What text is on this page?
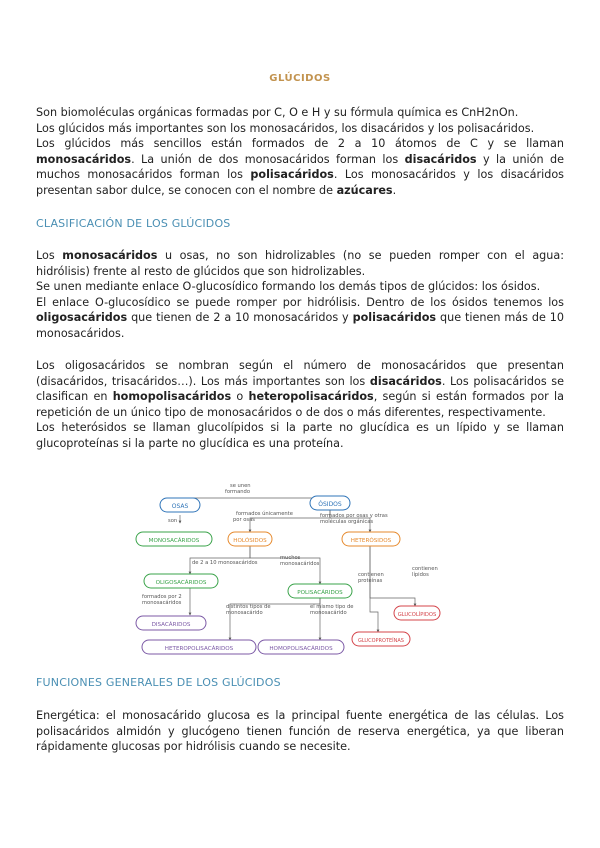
GLÚCIDOS

Son biomoléculas orgánicas formadas por C, O e H y su fórmula química es CnH2nOn.

Los glúcidos más importantes son los monosacáridos, los disacáridos y los polisacáridos.

Los glúcidos más sencillos están formados de 2 a 10 átomos de C y se llaman monosacáridos. La unión de dos monosacáridos forman los disacáridos y la unión de muchos monosacáridos forman los polisacáridos. Los monosacáridos y los disacáridos presentan sabor dulce, se conocen con el nombre de azúcares.

CLASIFICACIÓN DE LOS GLÚCIDOS

Los monosacáridos u osas, no son hidrolizables (no se pueden romper con el agua: hidrólisis) frente al resto de glúcidos que son hidrolizables.

Se unen mediante enlace O-glucosídico formando los demás tipos de glúcidos: los ósidos.

El enlace O-glucosídico se puede romper por hidrólisis. Dentro de los ósidos tenemos los oligosacáridos que tienen de 2 a 10 monosacáridos y polisacáridos que tienen más de 10 monosacáridos.

Los oligosacáridos se nombran según el número de monosacáridos que presentan (disacáridos, trisacáridos…). Los más importantes son los disacáridos. Los polisacáridos se clasifican en homopolisacáridos o heteropolisacáridos, según si están formados por la repetición de un único tipo de monosacáridos o de dos o más diferentes, respectivamente.

Los heterósidos se llaman glucolípidos si la parte no glucídica es un lípido y se llaman glucoproteínas si la parte no glucídica es una proteína.

OSAS	ÓSIDOS
MONOSACÁRIDOS	HOLÓSIDOS	HETERÓSIDOS
OLIGOSACÁRIDOS
POLISACÁRIDOS
DISACÁRIDOS
HETEROPOLISACÁRIDOS	HOMOPOLISACÁRIDOS
GLUCOLÍPIDOS
GLUCOPROTEÍNAS
se unen
formando
son
formados únicamente
por osas
formados por osas y otras
moléculas orgánicas
de 2 a 10 monosacáridos
muchos
monosacáridos
contienen
proteínas
contienen
lípidos
formados por 2
monosacáridos
distintos tipos de
monosacárido
el mismo tipo de
monosacárido
FUNCIONES GENERALES DE LOS GLÚCIDOS

Energética: el monosacárido glucosa es la principal fuente energética de las células. Los polisacáridos almidón y glucógeno tienen función de reserva energética, ya que liberan rápidamente glucosas por hidrólisis cuando se necesite.
